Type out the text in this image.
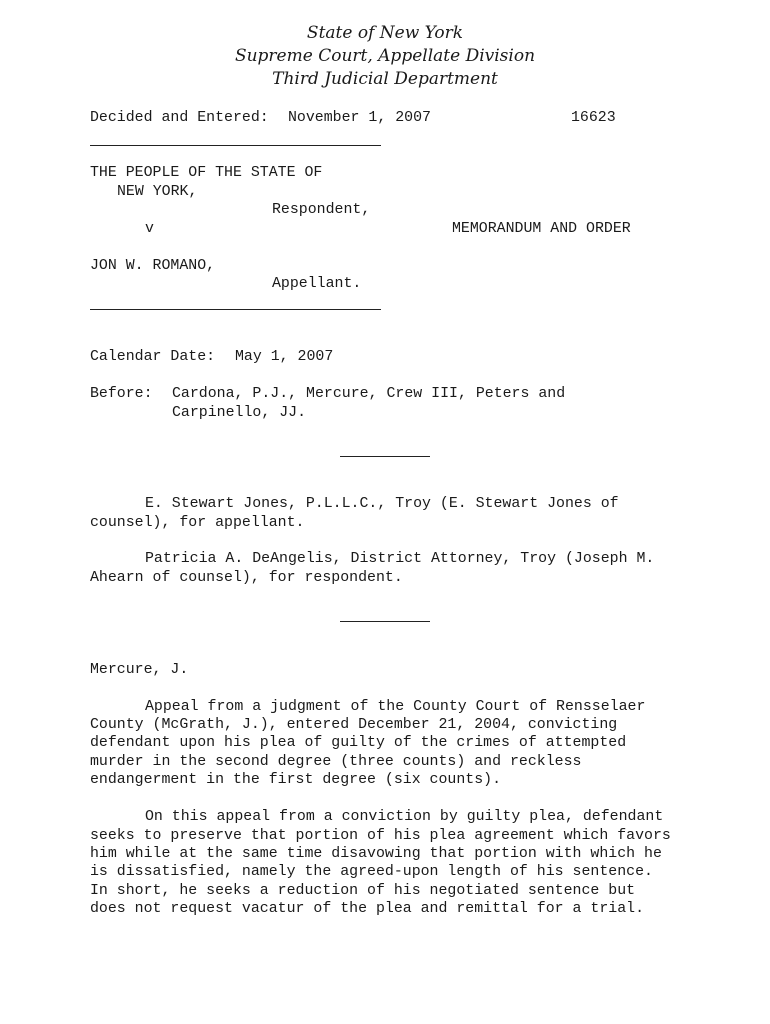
State of New York
Supreme Court, Appellate Division
Third Judicial Department
Decided and Entered: November 1, 2007	16623
THE PEOPLE OF THE STATE OF
NEW YORK,
Respondent,
v	MEMORANDUM AND ORDER
JON W. ROMANO,
Appellant.
Calendar Date: May 1, 2007
Before: Cardona, P.J., Mercure, Crew III, Peters and
Carpinello, JJ.
E. Stewart Jones, P.L.L.C., Troy (E. Stewart Jones of
counsel), for appellant.
Patricia A. DeAngelis, District Attorney, Troy (Joseph M.
Ahearn of counsel), for respondent.
Mercure, J.
Appeal from a judgment of the County Court of Rensselaer
County (McGrath, J.), entered December 21, 2004, convicting
defendant upon his plea of guilty of the crimes of attempted
murder in the second degree (three counts) and reckless
endangerment in the first degree (six counts).
On this appeal from a conviction by guilty plea, defendant
seeks to preserve that portion of his plea agreement which favors
him while at the same time disavowing that portion with which he
is dissatisfied, namely the agreed-upon length of his sentence.
In short, he seeks a reduction of his negotiated sentence but
does not request vacatur of the plea and remittal for a trial.
